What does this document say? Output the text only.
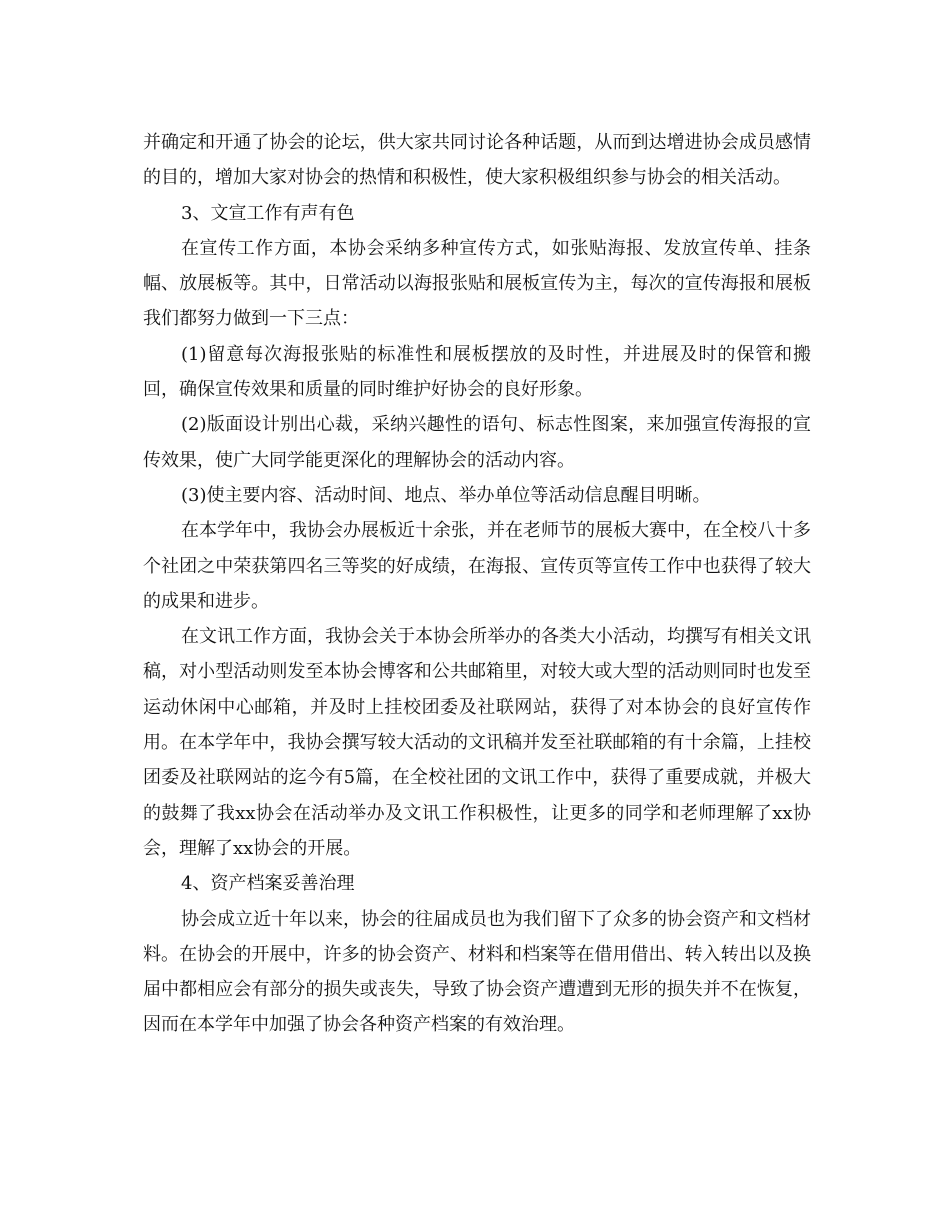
并确定和开通了协会的论坛，供大家共同讨论各种话题，从而到达增进协会成员感情的目的，增加大家对协会的热情和积极性，使大家积极组织参与协会的相关活动。

3、文宣工作有声有色

在宣传工作方面，本协会采纳多种宣传方式，如张贴海报、发放宣传单、挂条幅、放展板等。其中，日常活动以海报张贴和展板宣传为主，每次的宣传海报和展板我们都努力做到一下三点：

(1)留意每次海报张贴的标准性和展板摆放的及时性，并进展及时的保管和搬回，确保宣传效果和质量的同时维护好协会的良好形象。

(2)版面设计别出心裁，采纳兴趣性的语句、标志性图案，来加强宣传海报的宣传效果，使广大同学能更深化的理解协会的活动内容。

(3)使主要内容、活动时间、地点、举办单位等活动信息醒目明晰。

在本学年中，我协会办展板近十余张，并在老师节的展板大赛中，在全校八十多个社团之中荣获第四名三等奖的好成绩，在海报、宣传页等宣传工作中也获得了较大的成果和进步。

在文讯工作方面，我协会关于本协会所举办的各类大小活动，均撰写有相关文讯稿，对小型活动则发至本协会博客和公共邮箱里，对较大或大型的活动则同时也发至运动休闲中心邮箱，并及时上挂校团委及社联网站，获得了对本协会的良好宣传作用。在本学年中，我协会撰写较大活动的文讯稿并发至社联邮箱的有十余篇，上挂校团委及社联网站的迄今有5篇，在全校社团的文讯工作中，获得了重要成就，并极大的鼓舞了我xx协会在活动举办及文讯工作积极性，让更多的同学和老师理解了xx协会，理解了xx协会的开展。

4、资产档案妥善治理

协会成立近十年以来，协会的往届成员也为我们留下了众多的协会资产和文档材料。在协会的开展中，许多的协会资产、材料和档案等在借用借出、转入转出以及换届中都相应会有部分的损失或丧失，导致了协会资产遭遭到无形的损失并不在恢复，因而在本学年中加强了协会各种资产档案的有效治理。
